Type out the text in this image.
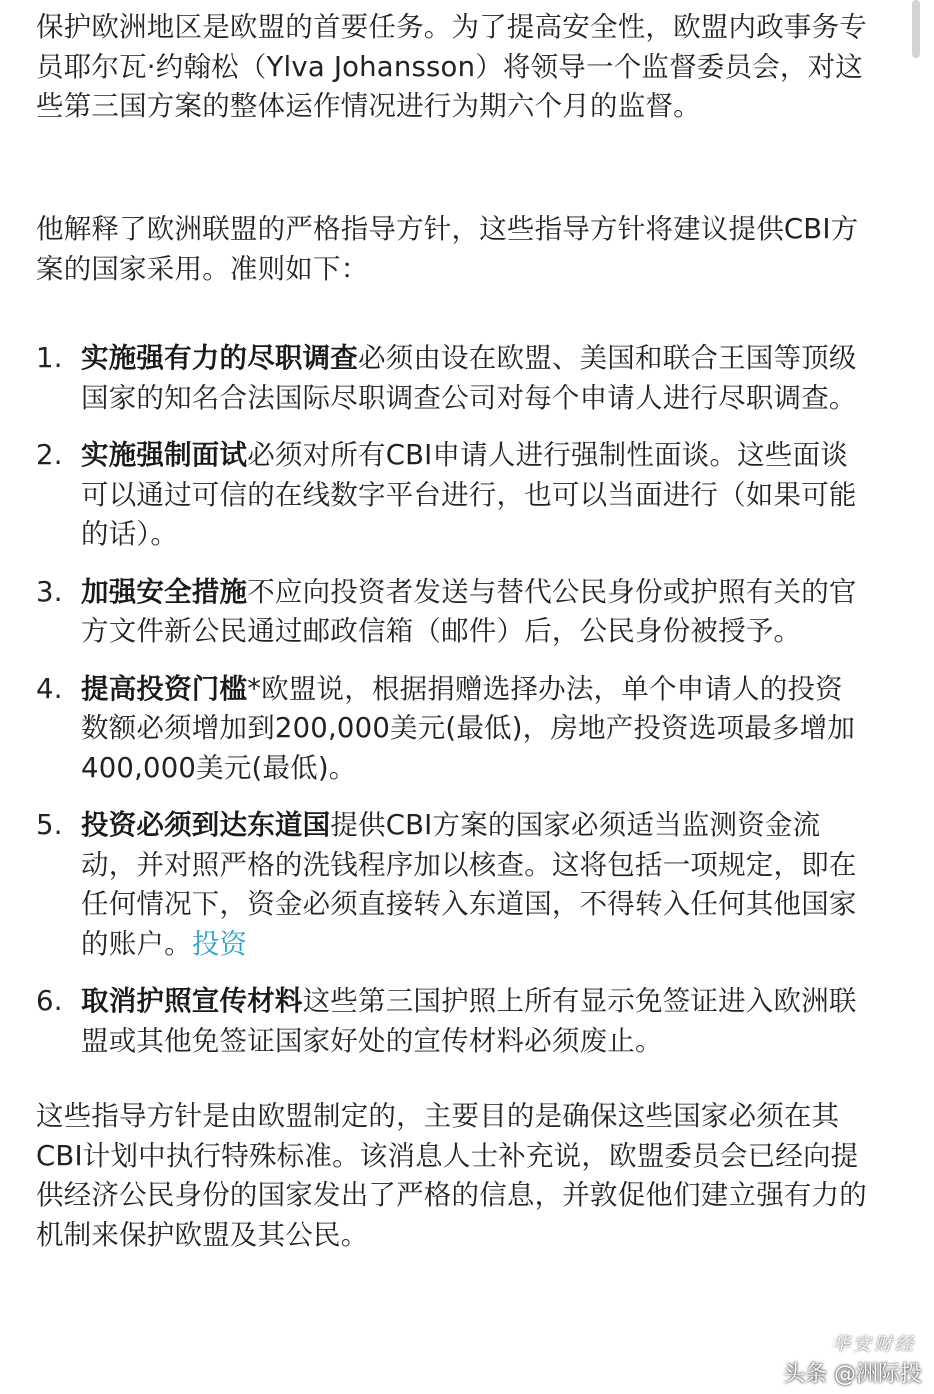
保护欧洲地区是欧盟的首要任务。为了提高安全性，欧盟内政事务专员耶尔瓦·约翰松（Ylva Johansson）将领导一个监督委员会，对这些第三国方案的整体运作情况进行为期六个月的监督。

他解释了欧洲联盟的严格指导方针，这些指导方针将建议提供CBI方案的国家采用。准则如下：

1. 实施强有力的尽职调查必须由设在欧盟、美国和联合王国等顶级国家的知名合法国际尽职调查公司对每个申请人进行尽职调查。
2. 实施强制面试必须对所有CBI申请人进行强制性面谈。这些面谈可以通过可信的在线数字平台进行，也可以当面进行（如果可能的话）。
3. 加强安全措施不应向投资者发送与替代公民身份或护照有关的官方文件新公民通过邮政信箱（邮件）后，公民身份被授予。
4. 提高投资门槛*欧盟说，根据捐赠选择办法，单个申请人的投资数额必须增加到200,000美元(最低)，房地产投资选项最多增加400,000美元(最低)。
5. 投资必须到达东道国提供CBI方案的国家必须适当监测资金流动，并对照严格的洗钱程序加以核查。这将包括一项规定，即在任何情况下，资金必须直接转入东道国，不得转入任何其他国家的账户。投资
6. 取消护照宣传材料这些第三国护照上所有显示免签证进入欧洲联盟或其他免签证国家好处的宣传材料必须废止。

这些指导方针是由欧盟制定的，主要目的是确保这些国家必须在其CBI计划中执行特殊标准。该消息人士补充说，欧盟委员会已经向提供经济公民身份的国家发出了严格的信息，并敦促他们建立强有力的机制来保护欧盟及其公民。

华安财经
头条 @洲际投
